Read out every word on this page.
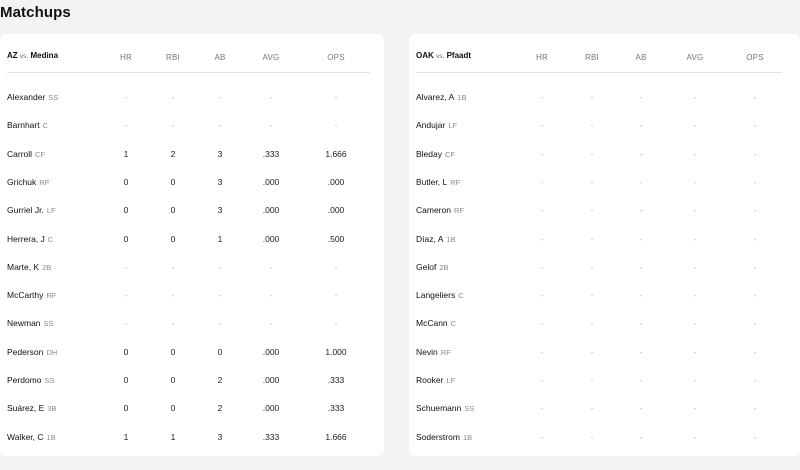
Matchups
AZ vs. Medina	HR	RBI	AB	AVG	OPS
Alexander SS	-	-	-	-	-
Barnhart C	-	-	-	-	-
Carroll CF	1	2	3	.333	1.666
Grichuk RF	0	0	3	.000	.000
Gurriel Jr. LF	0	0	3	.000	.000
Herrera, J C	0	0	1	.000	.500
Marte, K 2B	-	-	-	-	-
McCarthy RF	-	-	-	-	-
Newman SS	-	-	-	-	-
Pederson DH	0	0	0	.000	1.000
Perdomo SS	0	0	2	.000	.333
Suárez, E 3B	0	0	2	.000	.333
Walker, C 1B	1	1	3	.333	1.666
OAK vs. Pfaadt	HR	RBI	AB	AVG	OPS
Alvarez, A 1B	-	-	-	-	-
Andujar LF	-	-	-	-	-
Bleday CF	-	-	-	-	-
Butler, L RF	-	-	-	-	-
Cameron RF	-	-	-	-	-
Díaz, A 1B	-	-	-	-	-
Gelof 2B	-	-	-	-	-
Langeliers C	-	-	-	-	-
McCann C	-	-	-	-	-
Nevin RF	-	-	-	-	-
Rooker LF	-	-	-	-	-
Schuemann SS	-	-	-	-	-
Soderstrom 1B	-	-	-	-	-
